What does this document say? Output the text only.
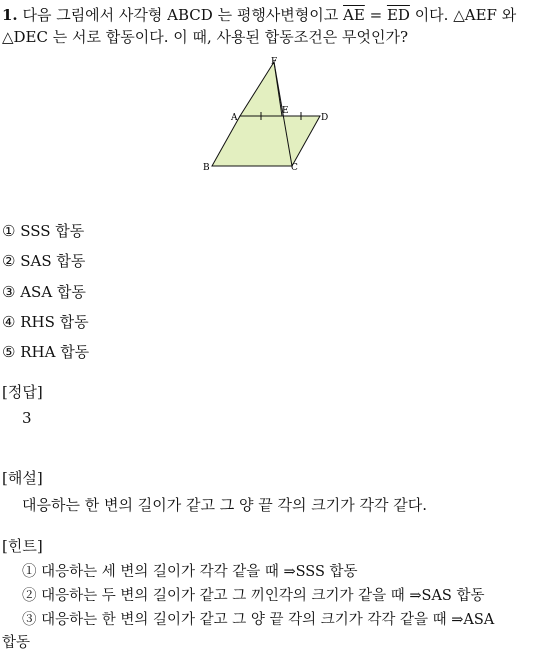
1. 다음 그림에서 사각형 ABCD 는 평행사변형이고 $\overline{AE} = \overline{ED}$ 이다. △AEF 와
△DEC 는 서로 합동이다. 이 때, 사용된 합동조건은 무엇인가?
F
A
E
D
B	C
① SSS 합동
② SAS 합동
③ ASA 합동
④ RHS 합동
⑤ RHA 합동
[정답]
3
[해설]
대응하는 한 변의 길이가 같고 그 양 끝 각의 크기가 각각 같다.
[힌트]
① 대응하는 세 변의 길이가 각각 같을 때 ⇒SSS 합동
② 대응하는 두 변의 길이가 같고 그 끼인각의 크기가 같을 때 ⇒SAS 합동
③ 대응하는 한 변의 길이가 같고 그 양 끝 각의 크기가 각각 같을 때 ⇒ASA
합동
